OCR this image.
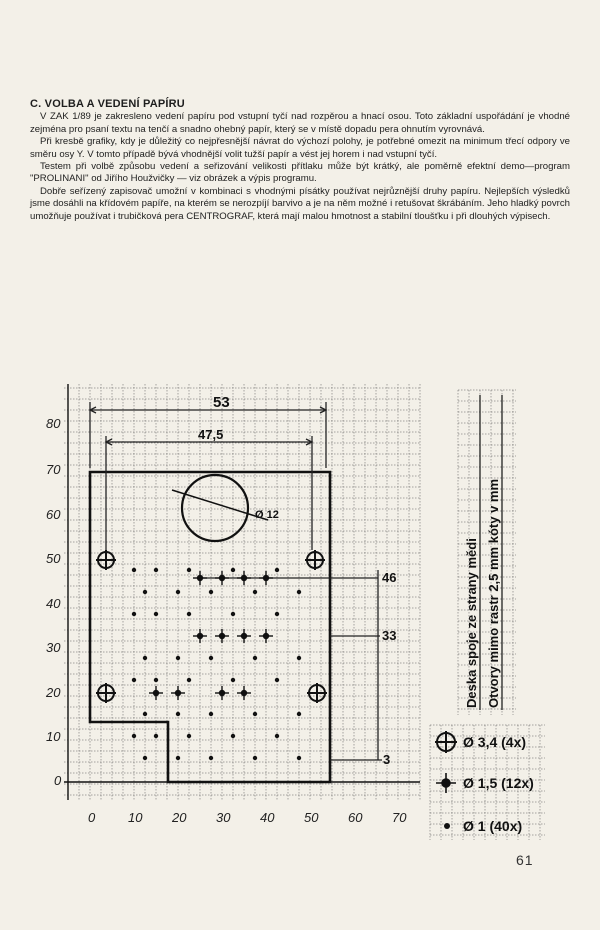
C. VOLBA A VEDENÍ PAPÍRU

V ZAK 1/89 je zakresleno vedení papíru pod vstupní tyčí nad rozpěrou a hnací osou. Toto základní uspořádání je vhodné zejména pro psaní textu na tenčí a snadno ohebný papír, který se v místě dopadu pera ohnutím vyrovnává.

Při kresbě grafiky, kdy je důležitý co nejpřesnější návrat do výchozí polohy, je potřebné omezit na minimum třecí odpory ve směru osy Y. V tomto případě bývá vhodnější volit tužší papír a vést jej horem i nad vstupní tyčí.

Testem při volbě způsobu vedení a seřizování velikosti přítlaku může být krátký, ale poměrně efektní demo—program "PROLINANI" od Jiřího Houžvičky — viz obrázek a výpis programu.

Dobře seřízený zapisovač umožní v kombinaci s vhodnými písátky používat nejrůznější druhy papíru. Nejlepších výsledků jsme dosáhli na křídovém papíře, na kterém se nerozpíjí barvivo a je na něm možné i retušovat škrábáním. Jeho hladký povrch umožňuje používat i trubičková pera CENTROGRAF, která mají malou hmotnost a stabilní tloušťku i při dlouhých výpisech.

80
70
60
50
40
30
20
10
0
0	10 20 30 40 50 60 70
53
47,5
Ø 12
46
33
3
Deska spoje ze strany mědi Otvory mimo rastr 2,5 mm kóty v mm
Ø 3,4 (4x)
Ø 1,5 (12x)
Ø 1 (40x)
61
